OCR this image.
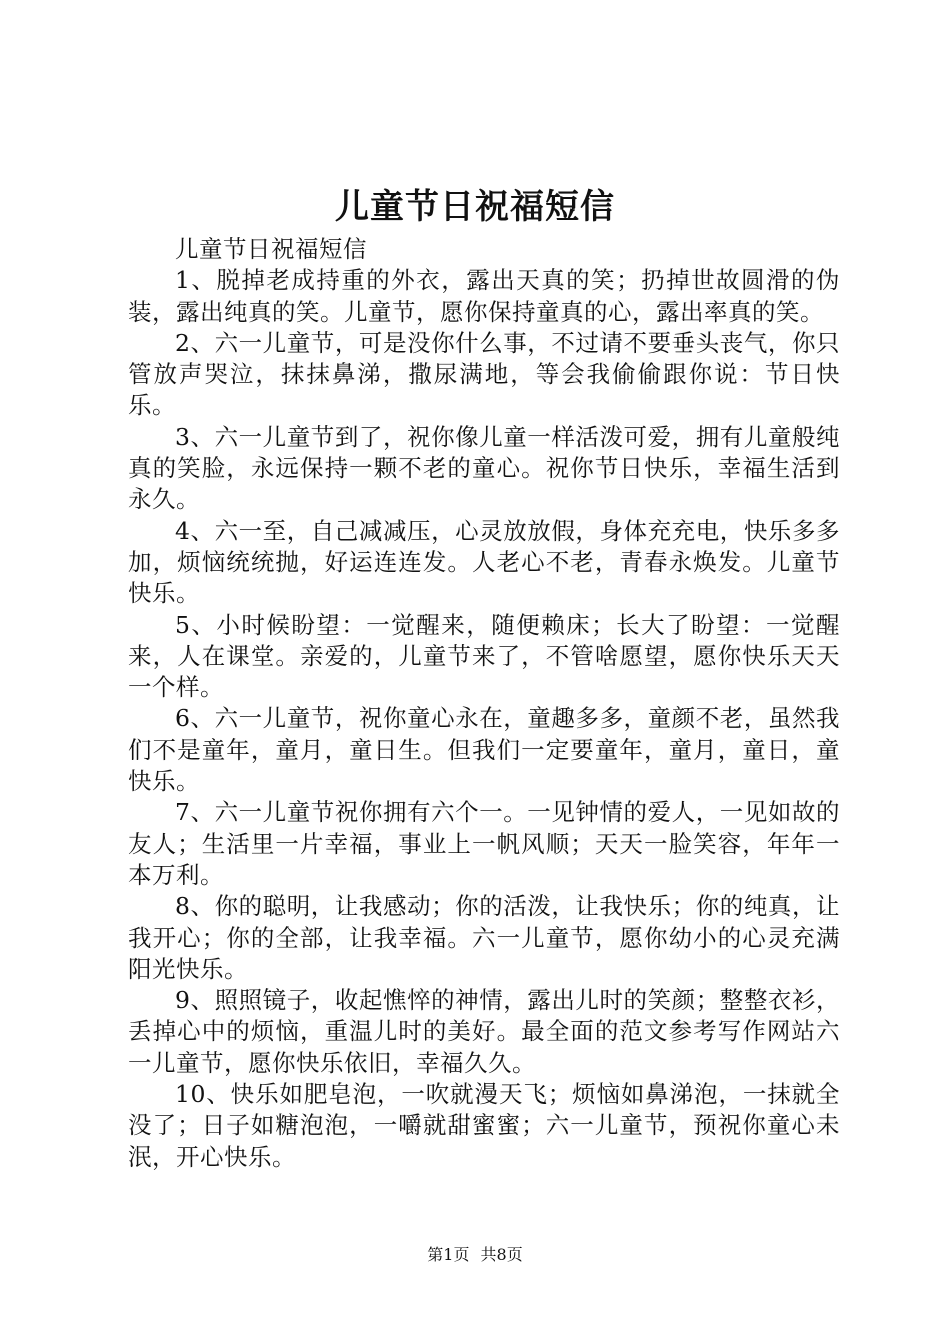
儿童节日祝福短信

儿童节日祝福短信

1、脱掉老成持重的外衣，露出天真的笑；扔掉世故圆滑的伪装，露出纯真的笑。儿童节，愿你保持童真的心，露出率真的笑。

2、六一儿童节，可是没你什么事，不过请不要垂头丧气，你只管放声哭泣，抹抹鼻涕，撒尿满地，等会我偷偷跟你说：节日快乐。

3、六一儿童节到了，祝你像儿童一样活泼可爱，拥有儿童般纯真的笑脸，永远保持一颗不老的童心。祝你节日快乐，幸福生活到永久。

4、六一至，自己减减压，心灵放放假，身体充充电，快乐多多加，烦恼统统抛，好运连连发。人老心不老，青春永焕发。儿童节快乐。

5、小时候盼望：一觉醒来，随便赖床；长大了盼望：一觉醒来，人在课堂。亲爱的，儿童节来了，不管啥愿望，愿你快乐天天一个样。

6、六一儿童节，祝你童心永在，童趣多多，童颜不老，虽然我们不是童年，童月，童日生。但我们一定要童年，童月，童日，童快乐。

7、六一儿童节祝你拥有六个一。一见钟情的爱人，一见如故的友人；生活里一片幸福，事业上一帆风顺；天天一脸笑容，年年一本万利。

8、你的聪明，让我感动；你的活泼，让我快乐；你的纯真，让我开心；你的全部，让我幸福。六一儿童节，愿你幼小的心灵充满阳光快乐。

9、照照镜子，收起憔悴的神情，露出儿时的笑颜；整整衣衫，丢掉心中的烦恼，重温儿时的美好。最全面的范文参考写作网站六一儿童节，愿你快乐依旧，幸福久久。

10、快乐如肥皂泡，一吹就漫天飞；烦恼如鼻涕泡，一抹就全没了；日子如糖泡泡，一嚼就甜蜜蜜；六一儿童节，预祝你童心未泯，开心快乐。

第1页 共8页
